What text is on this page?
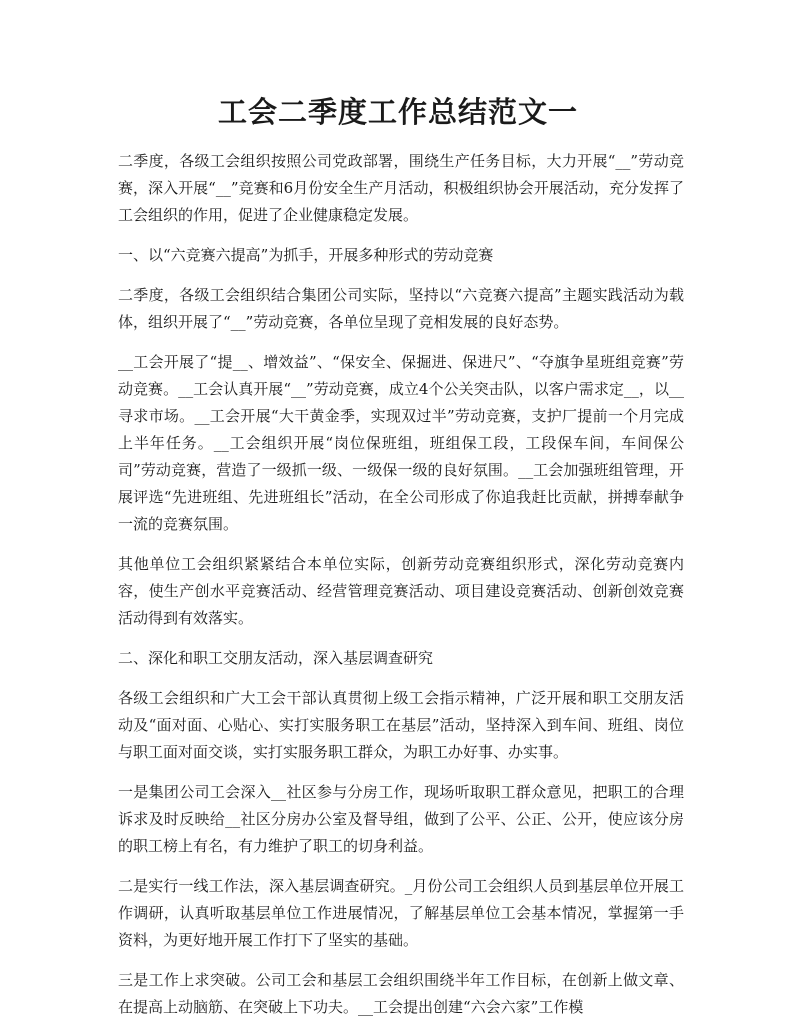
工会二季度工作总结范文一

二季度，各级工会组织按照公司党政部署，围绕生产任务目标，大力开展“__”劳动竞赛，深入开展“__”竞赛和6月份安全生产月活动，积极组织协会开展活动，充分发挥了工会组织的作用，促进了企业健康稳定发展。

一、以“六竞赛六提高”为抓手，开展多种形式的劳动竞赛

二季度，各级工会组织结合集团公司实际，坚持以“六竞赛六提高”主题实践活动为载体，组织开展了“__”劳动竞赛，各单位呈现了竞相发展的良好态势。

__工会开展了“提__、增效益”、“保安全、保掘进、保进尺”、“夺旗争星班组竞赛”劳动竞赛。__工会认真开展“__”劳动竞赛，成立4个公关突击队，以客户需求定__，以__寻求市场。__工会开展“大干黄金季，实现双过半”劳动竞赛，支护厂提前一个月完成上半年任务。__工会组织开展“岗位保班组，班组保工段，工段保车间，车间保公司”劳动竞赛，营造了一级抓一级、一级保一级的良好氛围。__工会加强班组管理，开展评选“先进班组、先进班组长”活动，在全公司形成了你追我赶比贡献，拼搏奉献争一流的竞赛氛围。

其他单位工会组织紧紧结合本单位实际，创新劳动竞赛组织形式，深化劳动竞赛内容，使生产创水平竞赛活动、经营管理竞赛活动、项目建设竞赛活动、创新创效竞赛活动得到有效落实。

二、深化和职工交朋友活动，深入基层调查研究

各级工会组织和广大工会干部认真贯彻上级工会指示精神，广泛开展和职工交朋友活动及“面对面、心贴心、实打实服务职工在基层”活动，坚持深入到车间、班组、岗位与职工面对面交谈，实打实服务职工群众，为职工办好事、办实事。

一是集团公司工会深入__社区参与分房工作，现场听取职工群众意见，把职工的合理诉求及时反映给__社区分房办公室及督导组，做到了公平、公正、公开，使应该分房的职工榜上有名，有力维护了职工的切身利益。

二是实行一线工作法，深入基层调查研究。_月份公司工会组织人员到基层单位开展工作调研，认真听取基层单位工作进展情况，了解基层单位工会基本情况，掌握第一手资料，为更好地开展工作打下了坚实的基础。

三是工作上求突破。公司工会和基层工会组织围绕半年工作目标，在创新上做文章、在提高上动脑筋、在突破上下功夫。__工会提出创建“六会六家”工作模
